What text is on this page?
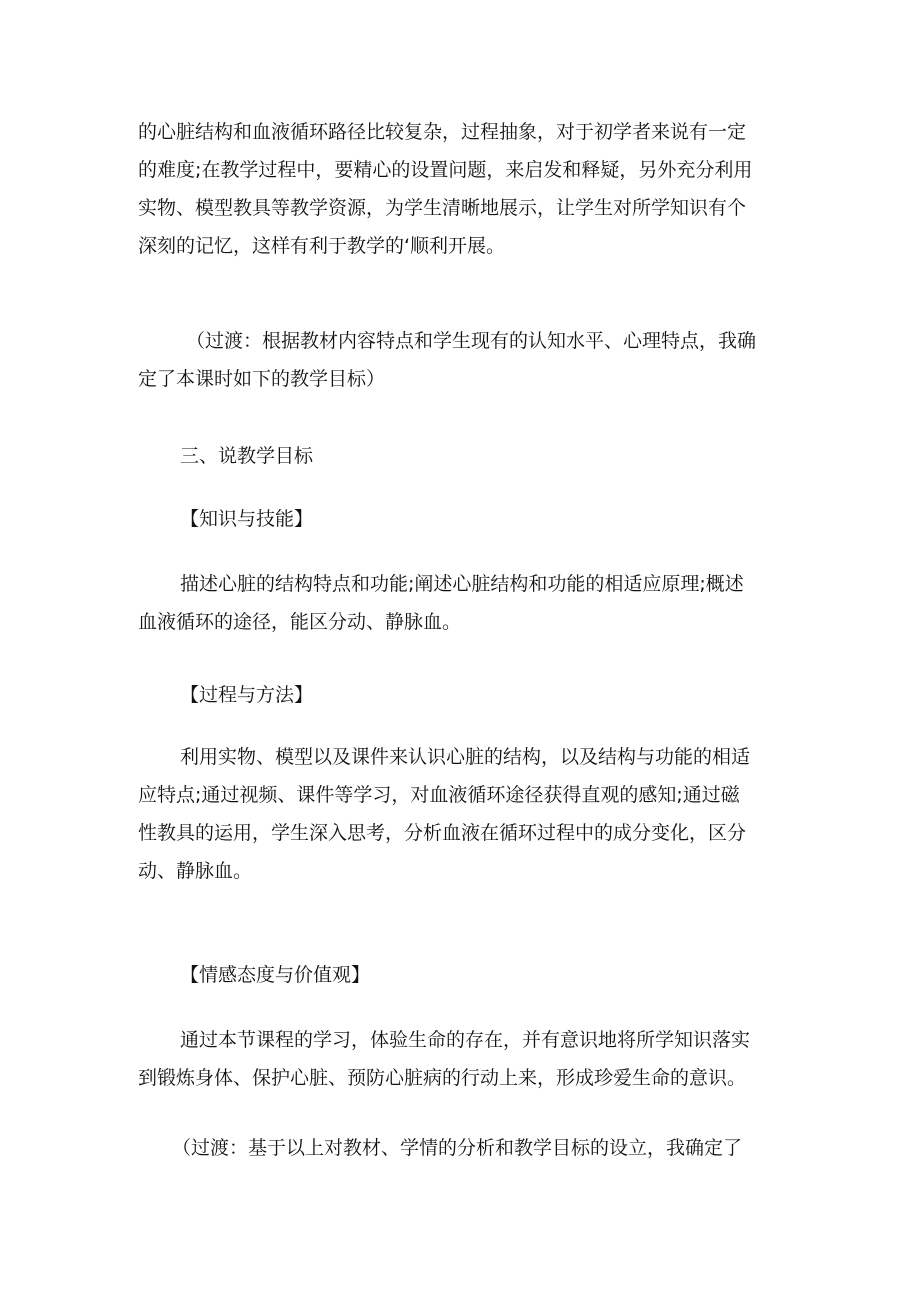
的心脏结构和血液循环路径比较复杂，过程抽象，对于初学者来说有一定
的难度;在教学过程中，要精心的设置问题，来启发和释疑，另外充分利用
实物、模型教具等教学资源，为学生清晰地展示，让学生对所学知识有个
深刻的记忆，这样有利于教学的‘顺利开展。
（过渡：根据教材内容特点和学生现有的认知水平、心理特点，我确
定了本课时如下的教学目标）
三、说教学目标
【知识与技能】
描述心脏的结构特点和功能;阐述心脏结构和功能的相适应原理;概述
血液循环的途径，能区分动、静脉血。
【过程与方法】
利用实物、模型以及课件来认识心脏的结构，以及结构与功能的相适
应特点;通过视频、课件等学习，对血液循环途径获得直观的感知;通过磁
性教具的运用，学生深入思考，分析血液在循环过程中的成分变化，区分
动、静脉血。
【情感态度与价值观】
通过本节课程的学习，体验生命的存在，并有意识地将所学知识落实
到锻炼身体、保护心脏、预防心脏病的行动上来，形成珍爱生命的意识。
（过渡：基于以上对教材、学情的分析和教学目标的设立，我确定了
